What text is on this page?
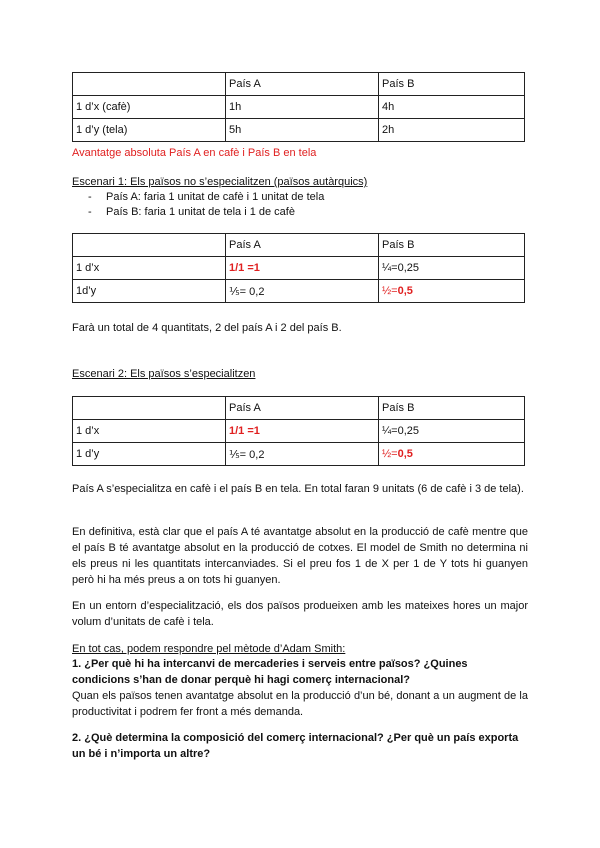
	País A	País B
1 d’x (cafè)	1h	4h
1 d’y (tela)	5h	2h
Avantatge absoluta País A en cafè i País B en tela
Escenari 1: Els països no s’especialitzen (països autàrquics)
- País A: faria 1 unitat de cafè i 1 unitat de tela
- País B: faria 1 unitat de tela i 1 de cafè
	País A	País B
1 d’x	1/1 =1	¼=0,25
1d’y	⅕= 0,2	½=0,5
Farà un total de 4 quantitats, 2 del país A i 2 del país B.
Escenari 2: Els països s’especialitzen
	País A	País B
1 d’x	1/1 =1	¼=0,25
1 d’y	⅕= 0,2	½=0,5
País A s’especialitza en cafè i el país B en tela. En total faran 9 unitats (6 de cafè i 3 de tela).
En definitiva, està clar que el país A té avantatge absolut en la producció de cafè mentre que el país B té avantatge absolut en la producció de cotxes. El model de Smith no determina ni els preus ni les quantitats intercanviades. Si el preu fos 1 de X per 1 de Y tots hi guanyen però hi ha més preus a on tots hi guanyen.
En un entorn d’especialització, els dos països produeixen amb les mateixes hores un major volum d’unitats de cafè i tela.
En tot cas, podem respondre pel mètode d’Adam Smith:
1. ¿Per què hi ha intercanvi de mercaderies i serveis entre països? ¿Quines condicions s’han de donar perquè hi hagi comerç internacional?
Quan els països tenen avantatge absolut en la producció d’un bé, donant a un augment de la productivitat i podrem fer front a més demanda.
2. ¿Què determina la composició del comerç internacional? ¿Per què un país exporta un bé i n’importa un altre?
